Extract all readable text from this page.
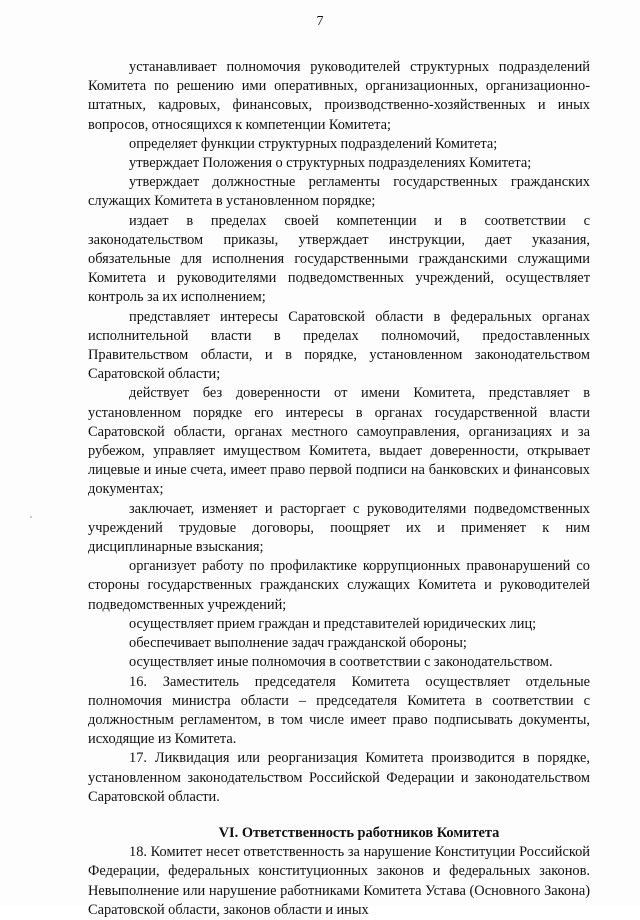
7

устанавливает полномочия руководителей структурных подразделений Комитета по решению ими оперативных, организационных, организационно-штатных, кадровых, финансовых, производственно-хозяйственных и иных вопросов, относящихся к компетенции Комитета;

определяет функции структурных подразделений Комитета;

утверждает Положения о структурных подразделениях Комитета;

утверждает должностные регламенты государственных гражданских служащих Комитета в установленном порядке;

издает в пределах своей компетенции и в соответствии с законодательством приказы, утверждает инструкции, дает указания, обязательные для исполнения государственными гражданскими служащими Комитета и руководителями подведомственных учреждений, осуществляет контроль за их исполнением;

представляет интересы Саратовской области в федеральных органах исполнительной власти в пределах полномочий, предоставленных Правительством области, и в порядке, установленном законодательством Саратовской области;

действует без доверенности от имени Комитета, представляет в установленном порядке его интересы в органах государственной власти Саратовской области, органах местного самоуправления, организациях и за рубежом, управляет имуществом Комитета, выдает доверенности, открывает лицевые и иные счета, имеет право первой подписи на банковских и финансовых документах;

заключает, изменяет и расторгает с руководителями подведомственных учреждений трудовые договоры, поощряет их и применяет к ним дисциплинарные взыскания;

организует работу по профилактике коррупционных правонарушений со стороны государственных гражданских служащих Комитета и руководителей подведомственных учреждений;

осуществляет прием граждан и представителей юридических лиц;

обеспечивает выполнение задач гражданской обороны;

осуществляет иные полномочия в соответствии с законодательством.

16. Заместитель председателя Комитета осуществляет отдельные полномочия министра области – председателя Комитета в соответствии с должностным регламентом, в том числе имеет право подписывать документы, исходящие из Комитета.

17. Ликвидация или реорганизация Комитета производится в порядке, установленном законодательством Российской Федерации и законодательством Саратовской области.

VI. Ответственность работников Комитета

18. Комитет несет ответственность за нарушение Конституции Российской Федерации, федеральных конституционных законов и федеральных законов. Невыполнение или нарушение работниками Комитета Устава (Основного Закона) Саратовской области, законов области и иных
